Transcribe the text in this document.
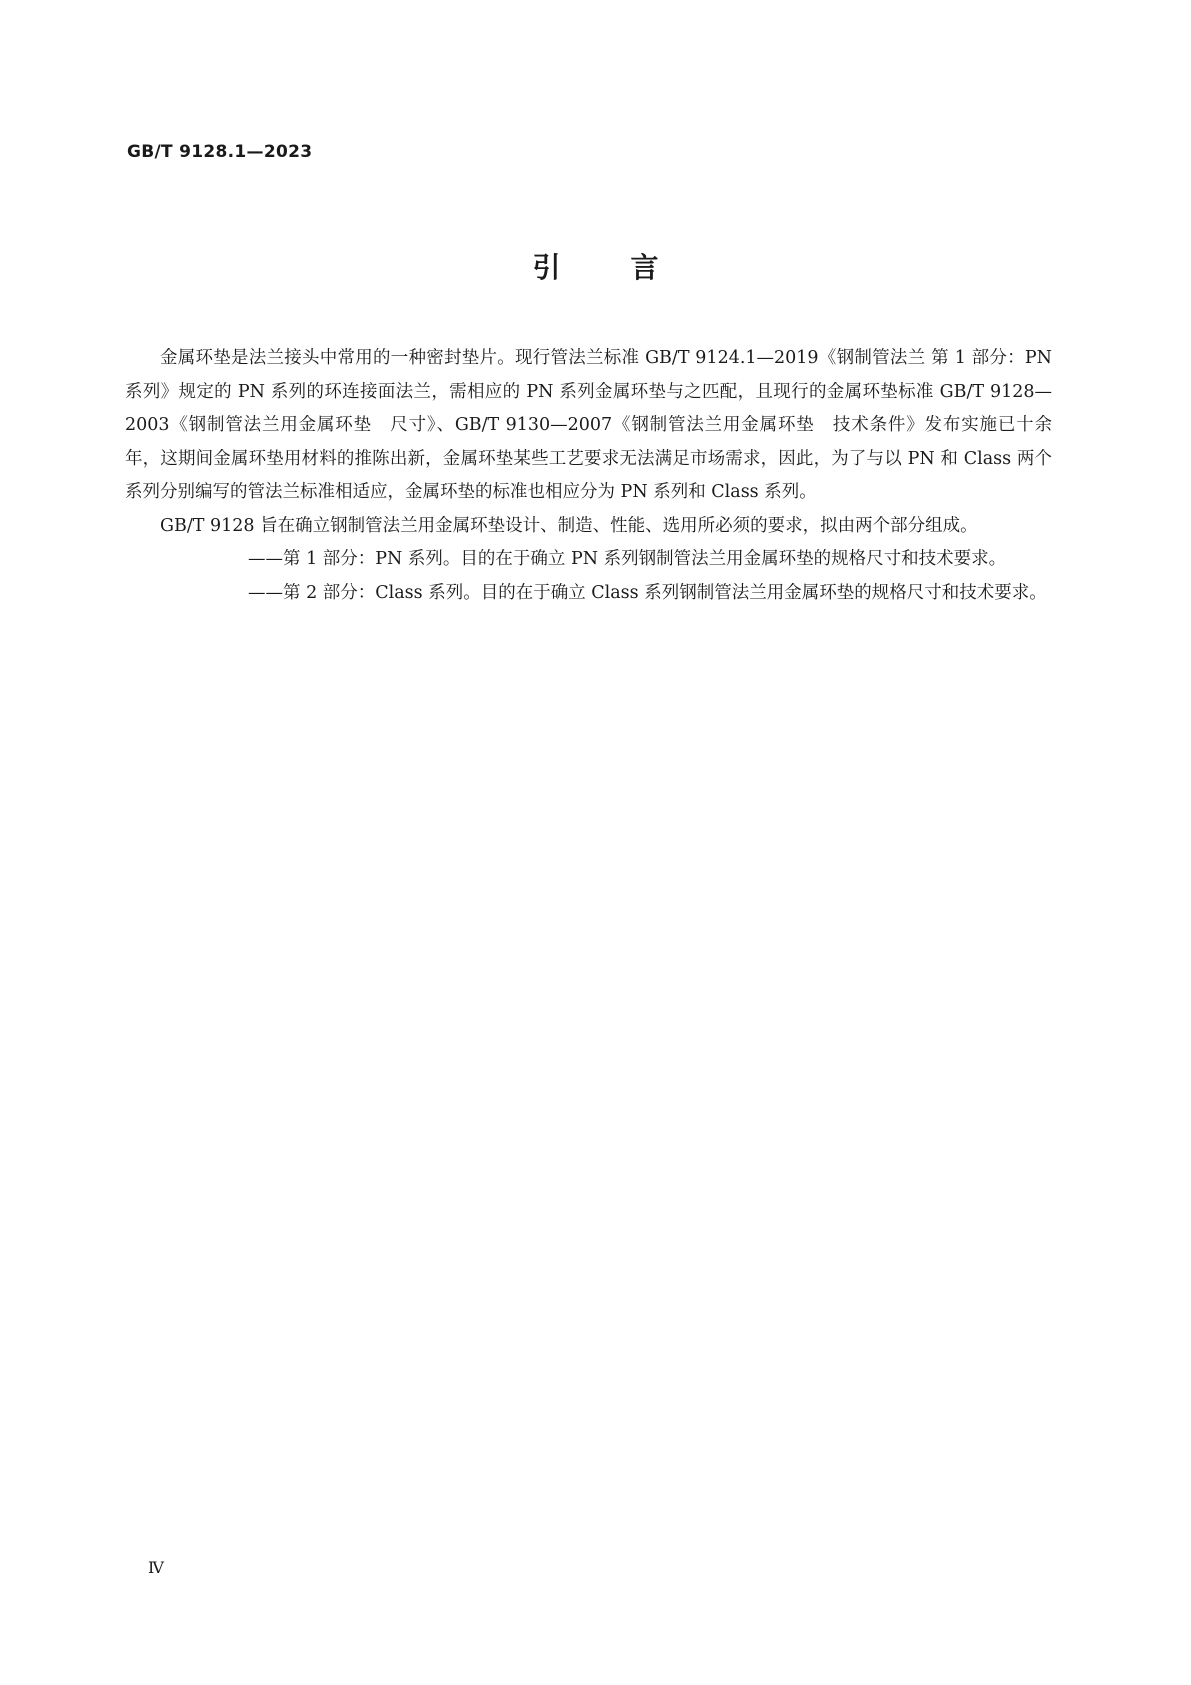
GB/T 9128.1—2023
引言

金属环垫是法兰接头中常用的一种密封垫片。现行管法兰标准 GB/T 9124.1—2019《钢制管法兰 第 1 部分：PN 系列》规定的 PN 系列的环连接面法兰，需相应的 PN 系列金属环垫与之匹配，且现行的金属环垫标准 GB/T 9128—2003《钢制管法兰用金属环垫　尺寸》、GB/T 9130—2007《钢制管法兰用金属环垫　技术条件》发布实施已十余年，这期间金属环垫用材料的推陈出新，金属环垫某些工艺要求无法满足市场需求，因此，为了与以 PN 和 Class 两个系列分别编写的管法兰标准相适应，金属环垫的标准也相应分为 PN 系列和 Class 系列。

GB/T 9128 旨在确立钢制管法兰用金属环垫设计、制造、性能、选用所必须的要求，拟由两个部分组成。

——第 1 部分：PN 系列。目的在于确立 PN 系列钢制管法兰用金属环垫的规格尺寸和技术要求。

——第 2 部分：Class 系列。目的在于确立 Class 系列钢制管法兰用金属环垫的规格尺寸和技术要求。

Ⅳ
